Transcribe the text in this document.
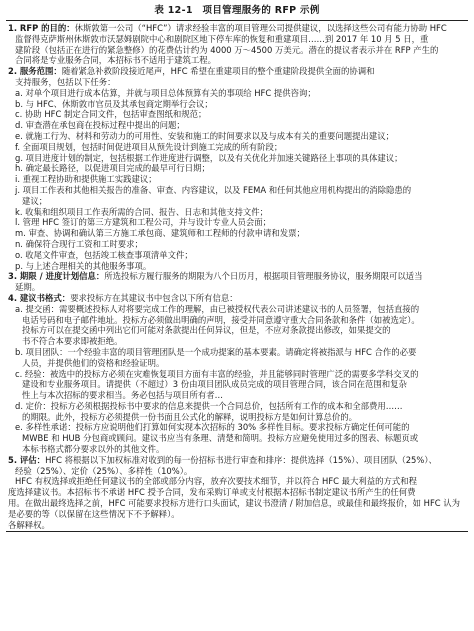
表 12-1　项目管理服务的 RFP 示例
1. RFP 的目的：休斯敦第一公司（“HFC”）请求经验丰富的项目管理公司提供建议，以选择这些公司有能力协助 HFC
监督得克萨斯州休斯敦市沃瑟姆剧院中心和剧院区地下停车库的恢复和重建项目……到 2017 年 10 月 5 日，重
建阶段（包括正在进行的紧急整修）的花费估计约为 4000 万～4500 万美元。潜在的提议者表示并在 RFP 产生的
合同将是专业服务合同，本招标书不适用于建筑工程。
2. 服务范围：随着紧急补救阶段接近尾声，HFC 希望在重建项目的整个重建阶段提供全面的协调和
支持服务，包括以下任务：
a. 对单个项目进行成本估算，并就与项目总体预算有关的事项给 HFC 提供咨询；
b. 与 HFC、休斯敦市官员及其承包商定期举行会议；
c. 协助 HFC 制定合同文件，包括审查图纸和规范；
d. 审查潜在承包商在投标过程中提出的问题；
e. 就施工行为、材料和劳动力的可用性、安装和施工的时间要求以及与成本有关的重要问题提出建议；
f. 全面项目规划，包括时间促进项目从预先设计到施工完成的所有阶段；
g. 项目进度计划的制定，包括根据工作进度进行调整，以及有关优化并加速关键路径上事项的具体建议；
h. 确定最长路径，以促进项目完成的最早可行日期；
i. 重视工程协助和提供施工实践建议；
j. 项目工作表和其他相关报告的准备、审查、内容建议，以及 FEMA 和任何其他应用机构提出的消除隐患的
建议；
k. 收集和组织项目工作表所需的合同、报告、日志和其他支持文件；
l. 管理 HFC 签订的第三方建筑和工程公司，并与设计专业人员会面；
m. 审查、协调和确认第三方施工承包商、建筑师和工程师的付款申请和发票；
n. 确保符合现行工资和工时要求；
o. 收尾文件审查，包括竣工核查事项清单文件；
p. 与上述合理相关的其他服务事项。
3. 期限 / 进度计划信息：所选投标方履行服务的期限为八个日历月，根据项目管理服务协议，服务期限可以适当
延期。
4. 建议书格式：要求投标方在其建议书中包含以下所有信息：
a. 提交函：需要概述投标人对将要完成工作的理解，由已被授权代表公司讲述建议书的人员签署，包括直接的
电话号码和电子邮件地址。投标方必须做出明确的声明，接受并同意遵守重大合同条款和条件（如被选定）。
投标方可以在提交函中列出它们可能对条款提出任何异议，但是，不应对条款提出修改，如果提交的
书不符合本要求即被拒绝。
b. 项目团队：一个经验丰富的项目管理团队是一个成功提案的基本要素。请确定将被指派与 HFC 合作的必要
人员，并提供他们的资格和经验证明。
c. 经验：被选中的投标方必须在灾难恢复项目方面有丰富的经验，并且能够同时管理广泛的需要多学科交叉的
建设和专业服务项目。请提供（不超过）3 份由项目团队成员完成的项目管理合同，该合同在范围和复杂
性上与本次招标的要求相当。务必包括与项目所有者…
d. 定价：投标方必须根据投标书中要求的信息来提供一个合同总价，包括所有工作的成本和全部费用……
的期限。此外，投标方必须提供一份书面且公式化的解释，说明投标方是如何计算总价的。
e. 多样性承诺：投标方应说明他们打算如何实现本次招标的 30% 多样性目标。要求投标方确定任何可能的
MWBE 和 HUB 分包商或顾问。建议书应当有条理、清楚和简明。投标方应避免使用过多的图表、标题页或
本标书格式都分要求以外的其他文件。
5. 评估：HFC 将根据以下加权标准对收到的每一份招标书进行审查和排序：提供选择（15%）、项目团队（25%）、
经验（25%）、定价（25%）、多样性（10%）。
HFC 有权选择或拒绝任何建议书的全部或部分内容，放弃次要技术细节，并以符合 HFC 最大利益的方式和程
度选择建议书。本招标书不承诺 HFC 授予合同，发布采购订单或支付根据本招标书制定建议书所产生的任何费
用。在做出最终选择之前，HFC 可能要求投标方进行口头面试，建议书澄清 / 附加信息，或最佳和最终报价，如 HFC 认为
是必要的等（以保留在这些情况下不予解释）。
各解释权。
